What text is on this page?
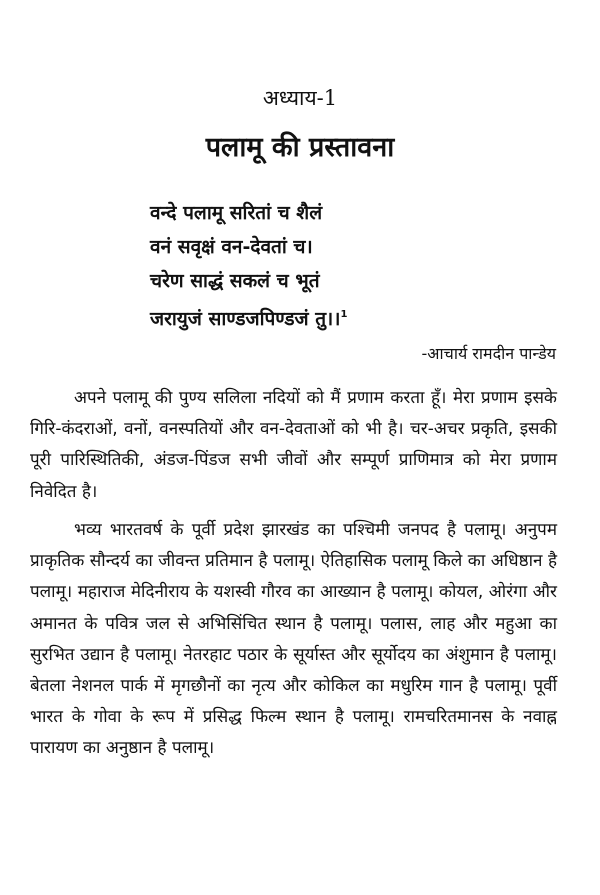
अध्याय-1
पलामू की प्रस्तावना
वन्दे पलामू सरितां च शैलं
वनं सवृक्षं वन-देवतां च।
चरेण साद्धं सकलं च भूतं
जरायुजं साण्डजपिण्डजं तु।।$^1$
-आचार्य रामदीन पान्डेय

अपने पलामू की पुण्य सलिला नदियों को मैं प्रणाम करता हूँ। मेरा प्रणाम इसके गिरि-कंदराओं, वनों, वनस्पतियों और वन-देवताओं को भी है। चर-अचर प्रकृति, इसकी पूरी पारिस्थितिकी, अंडज-पिंडज सभी जीवों और सम्पूर्ण प्राणिमात्र को मेरा प्रणाम निवेदित है।

भव्य भारतवर्ष के पूर्वी प्रदेश झारखंड का पश्चिमी जनपद है पलामू। अनुपम प्राकृतिक सौन्दर्य का जीवन्त प्रतिमान है पलामू। ऐतिहासिक पलामू किले का अधिष्ठान है पलामू। महाराज मेदिनीराय के यशस्वी गौरव का आख्यान है पलामू। कोयल, ओरंगा और अमानत के पवित्र जल से अभिसिंचित स्थान है पलामू। पलास, लाह और महुआ का सुरभित उद्यान है पलामू। नेतरहाट पठार के सूर्यास्त और सूर्योदय का अंशुमान है पलामू। बेतला नेशनल पार्क में मृगछौनों का नृत्य और कोकिल का मधुरिम गान है पलामू। पूर्वी भारत के गोवा के रूप में प्रसिद्ध फिल्म स्थान है पलामू। रामचरितमानस के नवाह्न पारायण का अनुष्ठान है पलामू।
